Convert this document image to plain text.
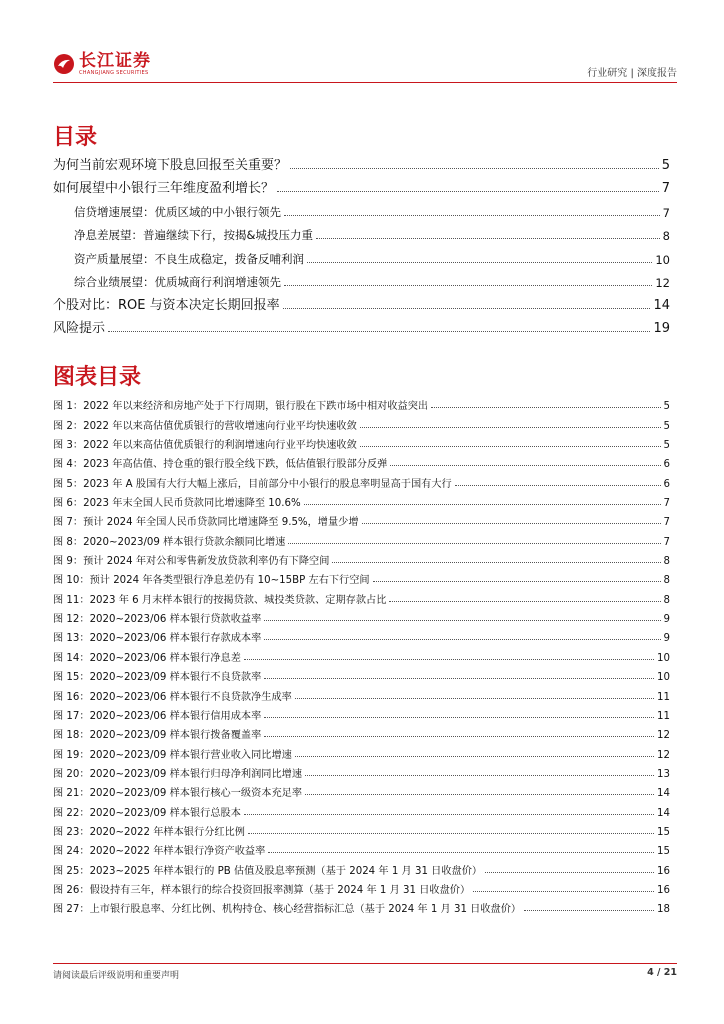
长江证券
CHANGJIANG SECURITIES	行业研究 | 深度报告
目录
为何当前宏观环境下股息回报至关重要？	5
如何展望中小银行三年维度盈利增长？	7
信贷增速展望：优质区域的中小银行领先	7
净息差展望：普遍继续下行，按揭&城投压力重	8
资产质量展望：不良生成稳定，拨备反哺利润	10
综合业绩展望：优质城商行利润增速领先	12
个股对比：ROE 与资本决定长期回报率	14
风险提示	19
图表目录
图 1：2022 年以来经济和房地产处于下行周期，银行股在下跌市场中相对收益突出	5
图 2：2022 年以来高估值优质银行的营收增速向行业平均快速收敛	5
图 3：2022 年以来高估值优质银行的利润增速向行业平均快速收敛	5
图 4：2023 年高估值、持仓重的银行股全线下跌，低估值银行股部分反弹	6
图 5：2023 年 A 股国有大行大幅上涨后，目前部分中小银行的股息率明显高于国有大行	6
图 6：2023 年末全国人民币贷款同比增速降至 10.6%	7
图 7：预计 2024 年全国人民币贷款同比增速降至 9.5%，增量少增	7
图 8：2020~2023/09 样本银行贷款余额同比增速	7
图 9：预计 2024 年对公和零售新发放贷款利率仍有下降空间	8
图 10：预计 2024 年各类型银行净息差仍有 10~15BP 左右下行空间	8
图 11：2023 年 6 月末样本银行的按揭贷款、城投类贷款、定期存款占比	8
图 12：2020~2023/06 样本银行贷款收益率	9
图 13：2020~2023/06 样本银行存款成本率	9
图 14：2020~2023/06 样本银行净息差	10
图 15：2020~2023/09 样本银行不良贷款率	10
图 16：2020~2023/06 样本银行不良贷款净生成率	11
图 17：2020~2023/06 样本银行信用成本率	11
图 18：2020~2023/09 样本银行拨备覆盖率	12
图 19：2020~2023/09 样本银行营业收入同比增速	12
图 20：2020~2023/09 样本银行归母净利润同比增速	13
图 21：2020~2023/09 样本银行核心一级资本充足率	14
图 22：2020~2023/09 样本银行总股本	14
图 23：2020~2022 年样本银行分红比例	15
图 24：2020~2022 年样本银行净资产收益率	15
图 25：2023~2025 年样本银行的 PB 估值及股息率预测（基于 2024 年 1 月 31 日收盘价）	16
图 26：假设持有三年，样本银行的综合投资回报率测算（基于 2024 年 1 月 31 日收盘价）	16
图 27：上市银行股息率、分红比例、机构持仓、核心经营指标汇总（基于 2024 年 1 月 31 日收盘价）	18
请阅读最后评级说明和重要声明	4 / 21
